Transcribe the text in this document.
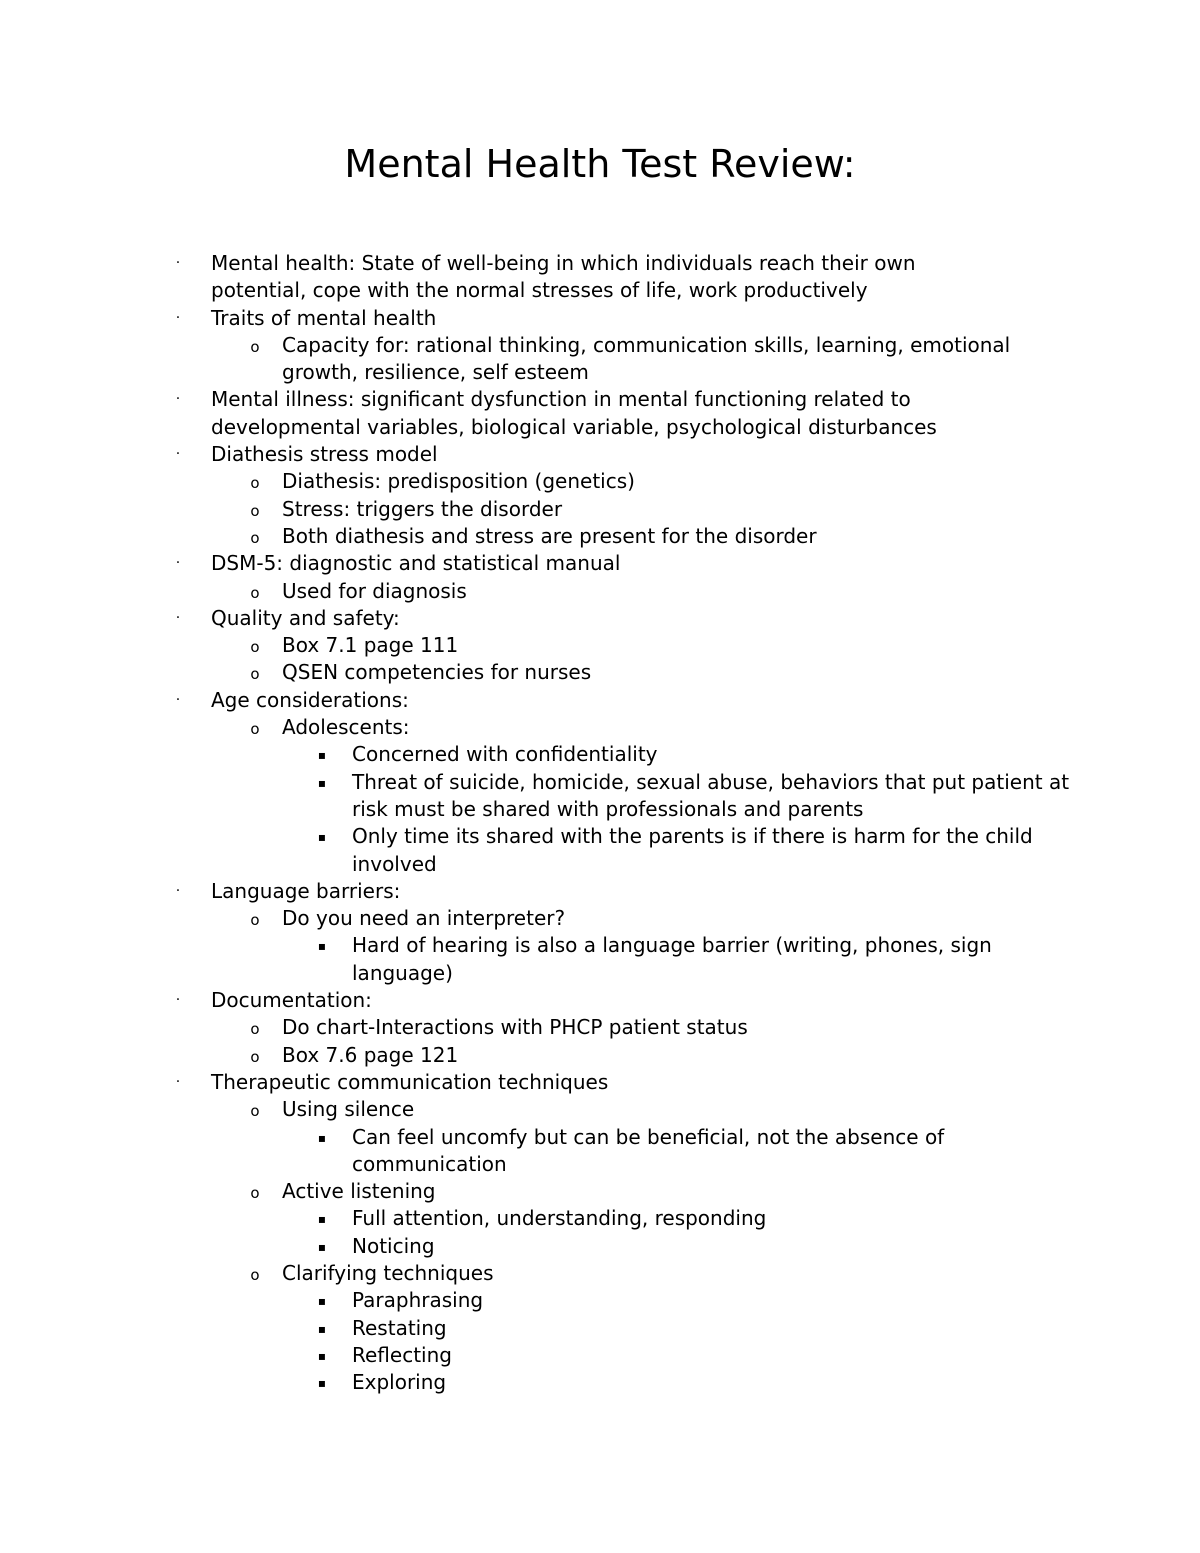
Mental Health Test Review:
· Mental health: State of well-being in which individuals reach their own potential, cope with the normal stresses of life, work productively
· Traits of mental health
o Capacity for: rational thinking, communication skills, learning, emotional growth, resilience, self esteem
· Mental illness: significant dysfunction in mental functioning related to developmental variables, biological variable, psychological disturbances
· Diathesis stress model
o Diathesis: predisposition (genetics)
o Stress: triggers the disorder
o Both diathesis and stress are present for the disorder
· DSM-5: diagnostic and statistical manual
o Used for diagnosis
· Quality and safety:
o Box 7.1 page 111
o QSEN competencies for nurses
· Age considerations:
o Adolescents:
▪ Concerned with confidentiality
▪ Threat of suicide, homicide, sexual abuse, behaviors that put patient at risk must be shared with professionals and parents
▪ Only time its shared with the parents is if there is harm for the child involved
· Language barriers:
o Do you need an interpreter?
▪ Hard of hearing is also a language barrier (writing, phones, sign language)
· Documentation:
o Do chart-Interactions with PHCP patient status
o Box 7.6 page 121
· Therapeutic communication techniques
o Using silence
▪ Can feel uncomfy but can be beneficial, not the absence of communication
o Active listening
▪ Full attention, understanding, responding
▪ Noticing
o Clarifying techniques
▪ Paraphrasing
▪ Restating
▪ Reflecting
▪ Exploring
